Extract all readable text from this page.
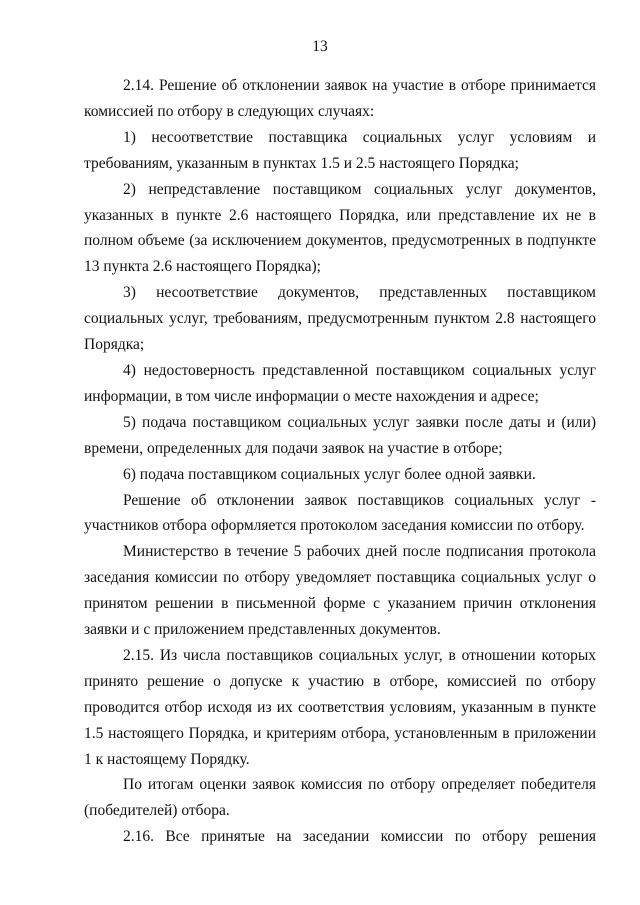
13

2.14. Решение об отклонении заявок на участие в отборе принимается комиссией по отбору в следующих случаях:

1) несоответствие поставщика социальных услуг условиям и требованиям, указанным в пунктах 1.5 и 2.5 настоящего Порядка;

2) непредставление поставщиком социальных услуг документов, указанных в пункте 2.6 настоящего Порядка, или представление их не в полном объеме (за исключением документов, предусмотренных в подпункте 13 пункта 2.6 настоящего Порядка);

3) несоответствие документов, представленных поставщиком социальных услуг, требованиям, предусмотренным пунктом 2.8 настоящего Порядка;

4) недостоверность представленной поставщиком социальных услуг информации, в том числе информации о месте нахождения и адресе;

5) подача поставщиком социальных услуг заявки после даты и (или) времени, определенных для подачи заявок на участие в отборе;

6) подача поставщиком социальных услуг более одной заявки.

Решение об отклонении заявок поставщиков социальных услуг - участников отбора оформляется протоколом заседания комиссии по отбору.

Министерство в течение 5 рабочих дней после подписания протокола заседания комиссии по отбору уведомляет поставщика социальных услуг о принятом решении в письменной форме с указанием причин отклонения заявки и с приложением представленных документов.

2.15. Из числа поставщиков социальных услуг, в отношении которых принято решение о допуске к участию в отборе, комиссией по отбору проводится отбор исходя из их соответствия условиям, указанным в пункте 1.5 настоящего Порядка, и критериям отбора, установленным в приложении 1 к настоящему Порядку.

По итогам оценки заявок комиссия по отбору определяет победителя (победителей) отбора.

2.16. Все принятые на заседании комиссии по отбору решения
